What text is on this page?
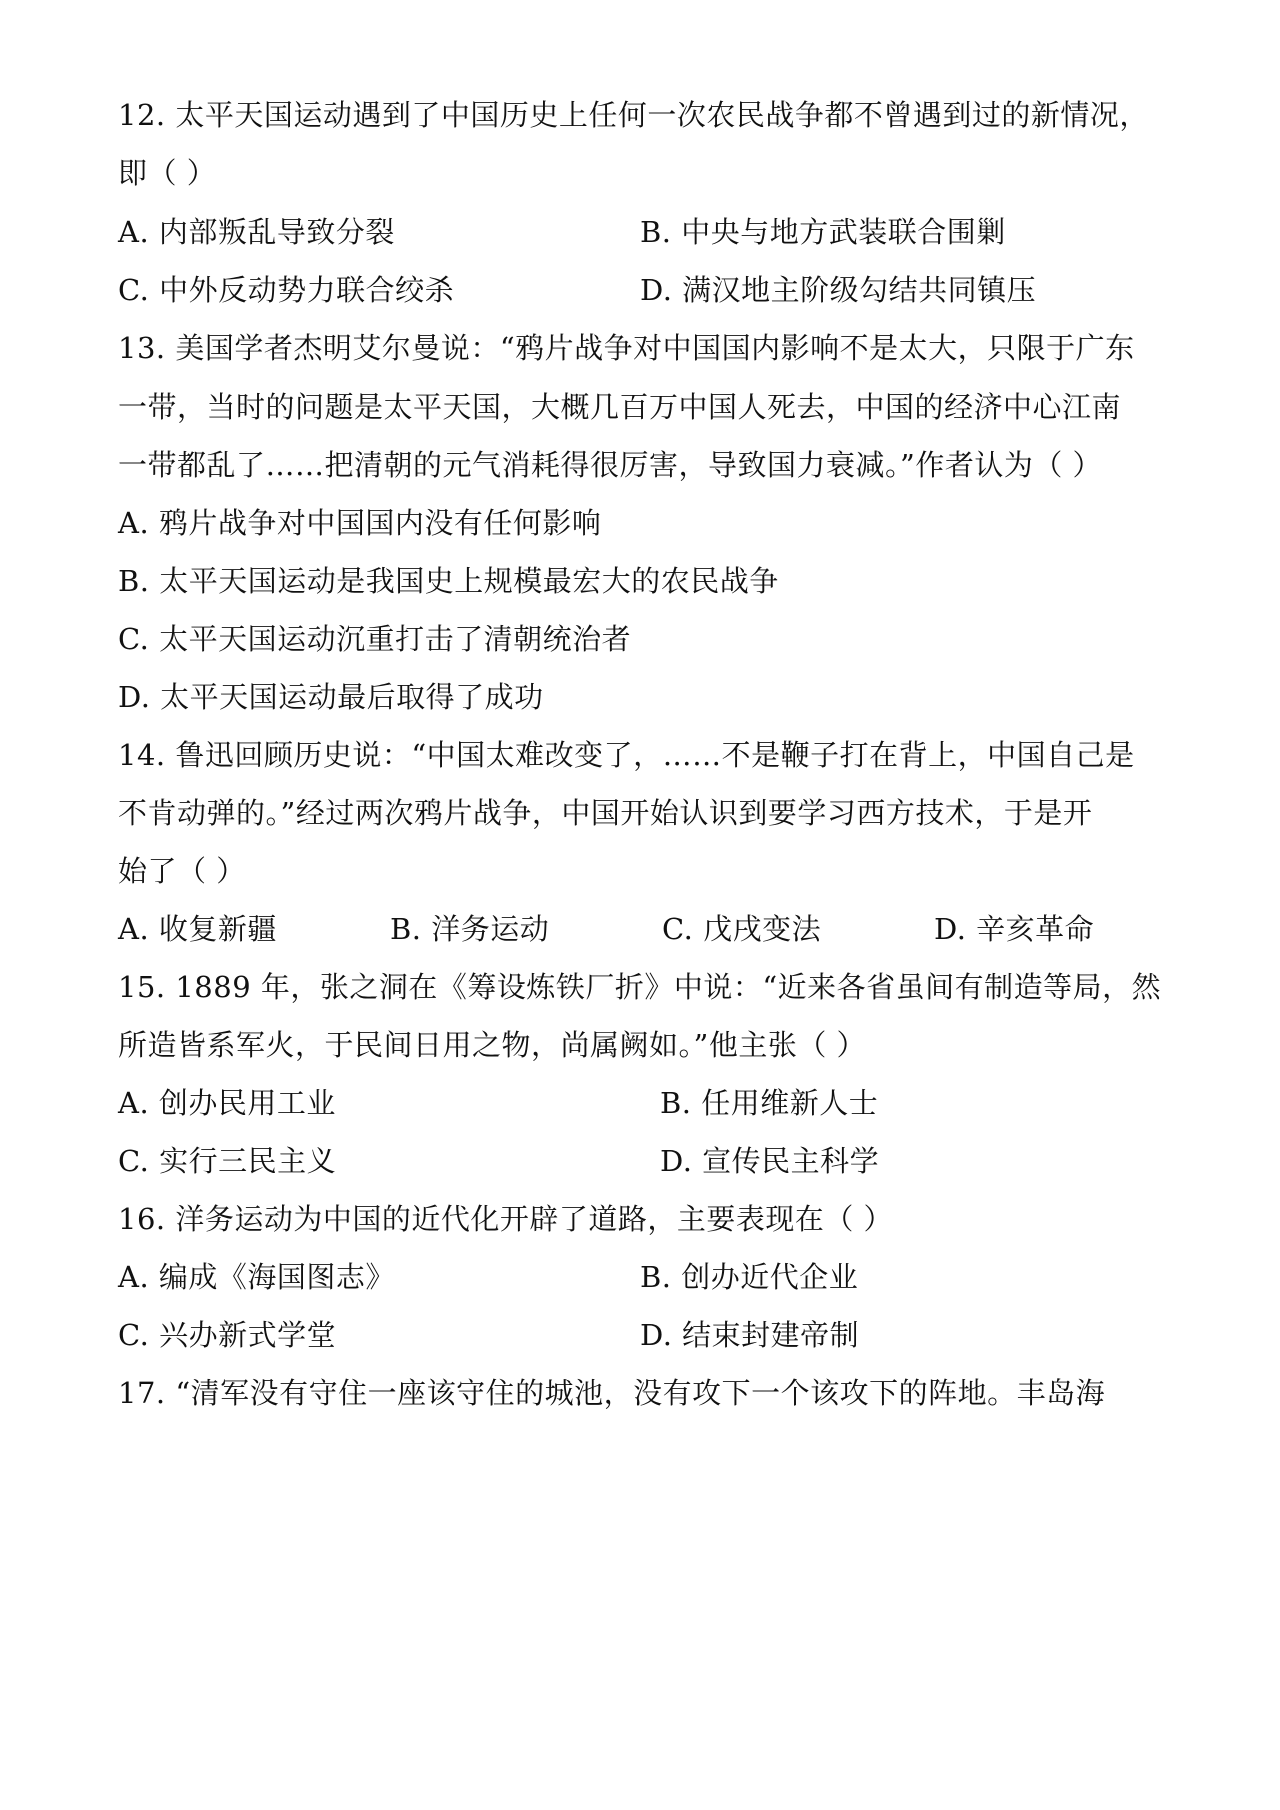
12. 太平天国运动遇到了中国历史上任何一次农民战争都不曾遇到过的新情况，
即（ ）
A. 内部叛乱导致分裂	B. 中央与地方武装联合围剿
C. 中外反动势力联合绞杀	D. 满汉地主阶级勾结共同镇压
13. 美国学者杰明艾尔曼说：“鸦片战争对中国国内影响不是太大，只限于广东
一带，当时的问题是太平天国，大概几百万中国人死去，中国的经济中心江南
一带都乱了……把清朝的元气消耗得很厉害，导致国力衰减。”作者认为（ ）
A. 鸦片战争对中国国内没有任何影响
B. 太平天国运动是我国史上规模最宏大的农民战争
C. 太平天国运动沉重打击了清朝统治者
D. 太平天国运动最后取得了成功
14. 鲁迅回顾历史说：“中国太难改变了，……不是鞭子打在背上，中国自己是
不肯动弹的。”经过两次鸦片战争，中国开始认识到要学习西方技术，于是开
始了（ ）
A. 收复新疆	B. 洋务运动	C. 戊戌变法	D. 辛亥革命
15. 1889 年，张之洞在《筹设炼铁厂折》中说：“近来各省虽间有制造等局，然
所造皆系军火，于民间日用之物，尚属阙如。”他主张（ ）
A. 创办民用工业	B. 任用维新人士
C. 实行三民主义	D. 宣传民主科学
16. 洋务运动为中国的近代化开辟了道路，主要表现在（ ）
A. 编成《海国图志》	B. 创办近代企业
C. 兴办新式学堂	D. 结束封建帝制
17. “清军没有守住一座该守住的城池，没有攻下一个该攻下的阵地。丰岛海
